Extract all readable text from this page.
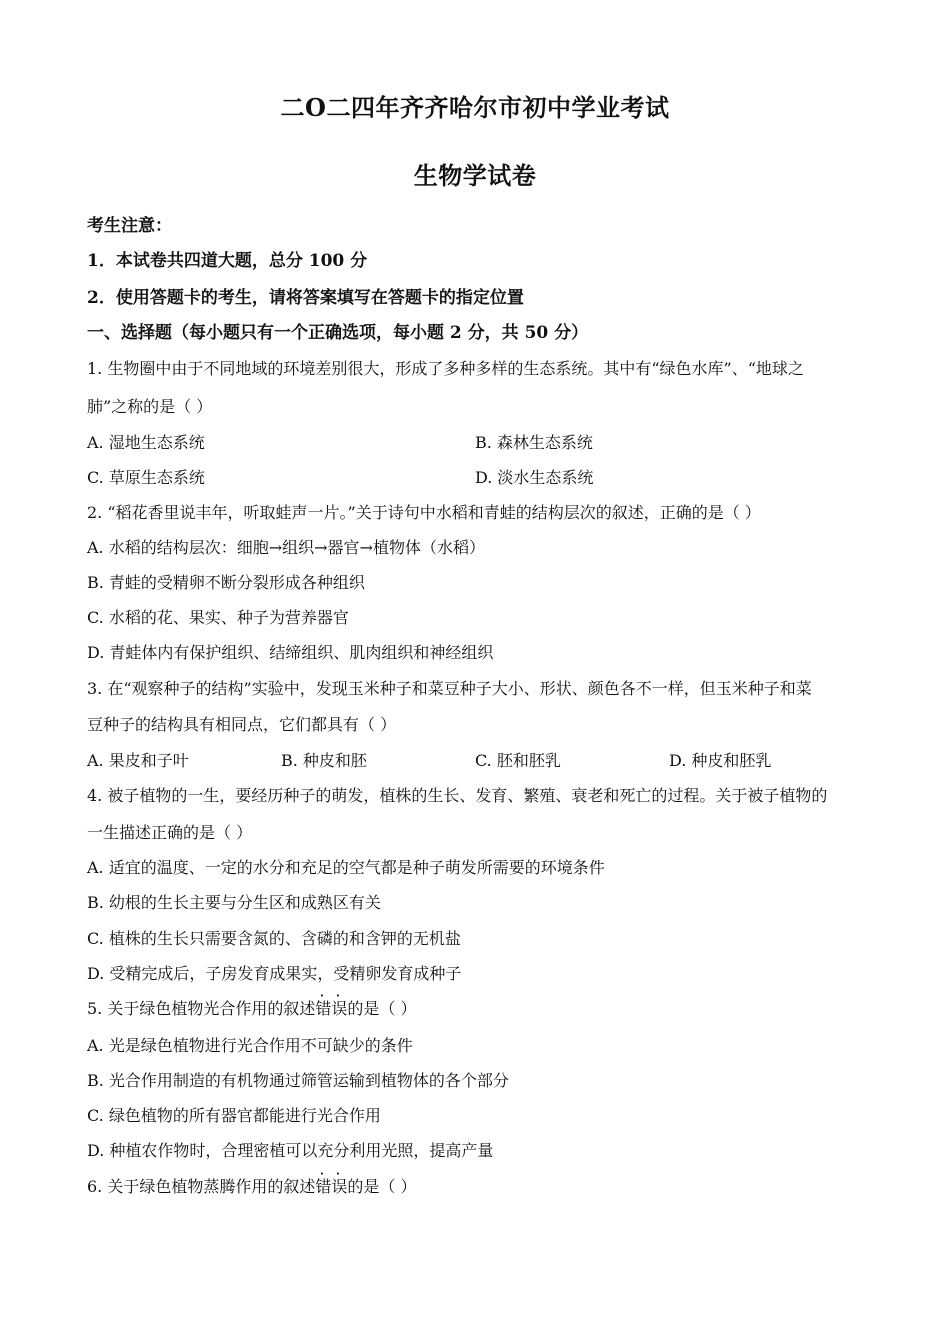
二O二四年齐齐哈尔市初中学业考试
生物学试卷
考生注意：
1．本试卷共四道大题，总分 100 分
2．使用答题卡的考生，请将答案填写在答题卡的指定位置
一、选择题（每小题只有一个正确选项，每小题 2 分，共 50 分）
1. 生物圈中由于不同地域的环境差别很大，形成了多种多样的生态系统。其中有“绿色水库”、“地球之
肺”之称的是（ ）
A. 湿地生态系统	B. 森林生态系统
C. 草原生态系统	D. 淡水生态系统
2. “稻花香里说丰年，听取蛙声一片。”关于诗句中水稻和青蛙的结构层次的叙述，正确的是（ ）
A. 水稻的结构层次：细胞→组织→器官→植物体（水稻）
B. 青蛙的受精卵不断分裂形成各种组织
C. 水稻的花、果实、种子为营养器官
D. 青蛙体内有保护组织、结缔组织、肌肉组织和神经组织
3. 在“观察种子的结构”实验中，发现玉米种子和菜豆种子大小、形状、颜色各不一样，但玉米种子和菜
豆种子的结构具有相同点，它们都具有（ ）
A. 果皮和子叶	B. 种皮和胚	C. 胚和胚乳	D. 种皮和胚乳
4. 被子植物的一生，要经历种子的萌发，植株的生长、发育、繁殖、衰老和死亡的过程。关于被子植物的
一生描述正确的是（ ）
A. 适宜的温度、一定的水分和充足的空气都是种子萌发所需要的环境条件
B. 幼根的生长主要与分生区和成熟区有关
C. 植株的生长只需要含氮的、含磷的和含钾的无机盐
D. 受精完成后，子房发育成果实，受精卵发育成种子
5. 关于绿色植物光合作用的叙述错误的是（ ）
A. 光是绿色植物进行光合作用不可缺少的条件
B. 光合作用制造的有机物通过筛管运输到植物体的各个部分
C. 绿色植物的所有器官都能进行光合作用
D. 种植农作物时，合理密植可以充分利用光照，提高产量
6. 关于绿色植物蒸腾作用的叙述错误的是（ ）
